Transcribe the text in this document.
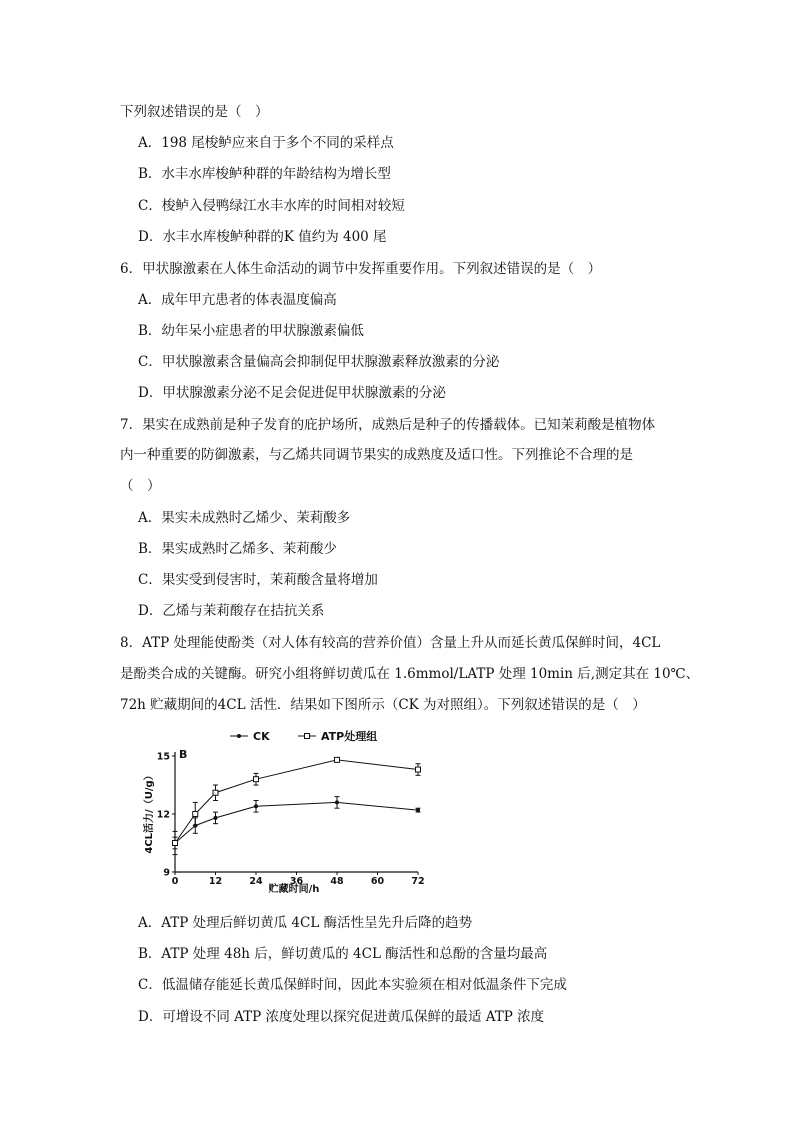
下列叙述错误的是（　）
A．198 尾梭鲈应来自于多个不同的采样点
B．水丰水库梭鲈种群的年龄结构为增长型
C．梭鲈入侵鸭绿江水丰水库的时间相对较短
D．水丰水库梭鲈种群的K 值约为 400 尾
6．甲状腺激素在人体生命活动的调节中发挥重要作用。下列叙述错误的是（　）
A．成年甲亢患者的体表温度偏高
B．幼年呆小症患者的甲状腺激素偏低
C．甲状腺激素含量偏高会抑制促甲状腺激素释放激素的分泌
D．甲状腺激素分泌不足会促进促甲状腺激素的分泌
7．果实在成熟前是种子发育的庇护场所，成熟后是种子的传播载体。已知茉莉酸是植物体
内一种重要的防御激素，与乙烯共同调节果实的成熟度及适口性。下列推论不合理的是
（　）
A．果实未成熟时乙烯少、茉莉酸多
B．果实成熟时乙烯多、茉莉酸少
C．果实受到侵害时，茉莉酸含量将增加
D．乙烯与茉莉酸存在拮抗关系
8．ATP 处理能使酚类（对人体有较高的营养价值）含量上升从而延长黄瓜保鲜时间，4CL
是酚类合成的关键酶。研究小组将鲜切黄瓜在 1.6mmol/LATP 处理 10min 后,测定其在 10℃、
72h 贮藏期间的4CL 活性．结果如下图所示（CK 为对照组）。下列叙述错误的是（　）
CK	ATP处理组
B
0	12	24	36	48	60	72
9
12
15
贮藏时间/h
4CL活力/（U/g）
A．ATP 处理后鲜切黄瓜 4CL 酶活性呈先升后降的趋势
B．ATP 处理 48h 后，鲜切黄瓜的 4CL 酶活性和总酚的含量均最高
C．低温储存能延长黄瓜保鲜时间，因此本实验须在相对低温条件下完成
D．可增设不同 ATP 浓度处理以探究促进黄瓜保鲜的最适 ATP 浓度
